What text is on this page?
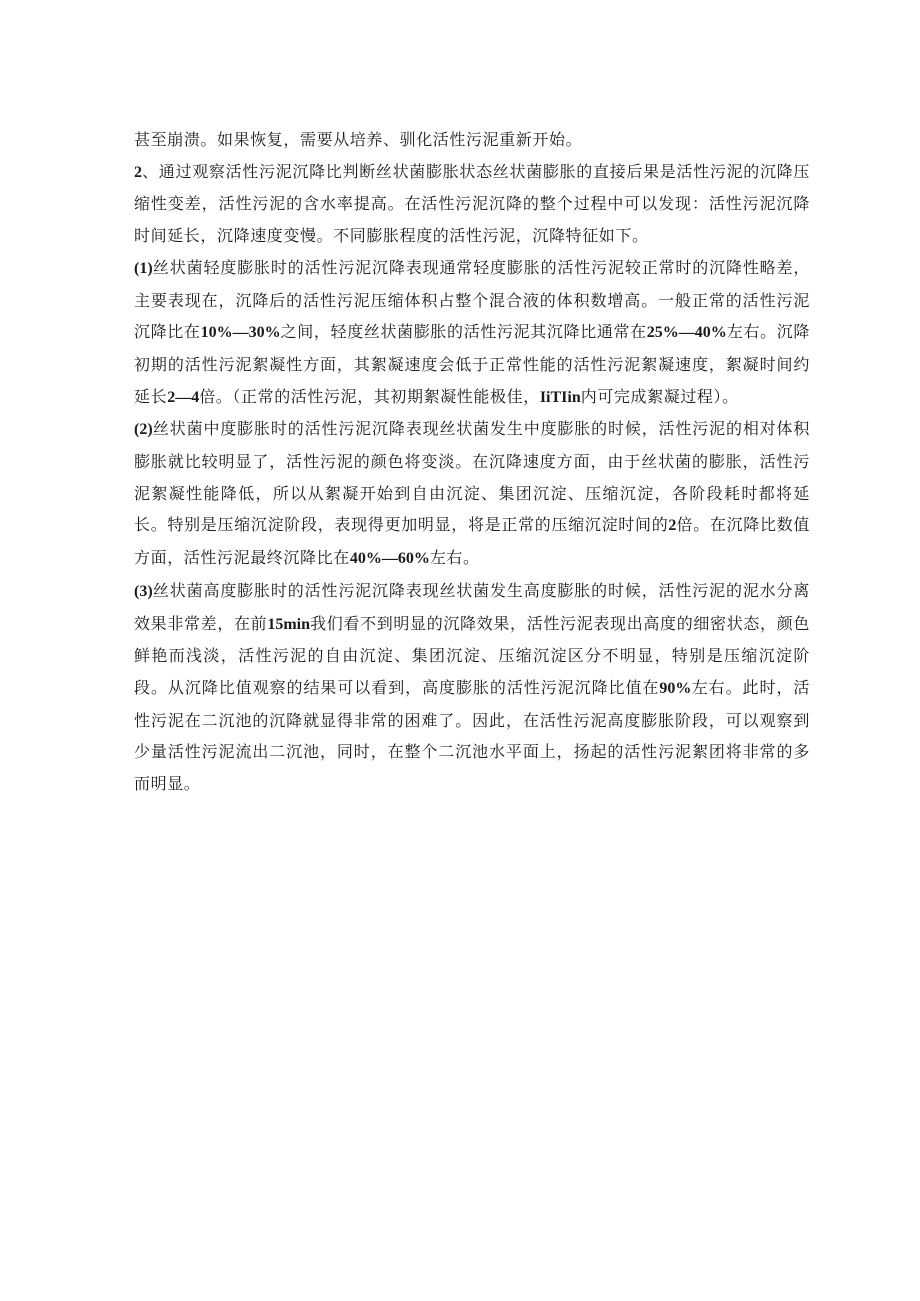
甚至崩溃。如果恢复，需要从培养、驯化活性污泥重新开始。

2、通过观察活性污泥沉降比判断丝状菌膨胀状态丝状菌膨胀的直接后果是活性污泥的沉降压缩性变差，活性污泥的含水率提高。在活性污泥沉降的整个过程中可以发现：活性污泥沉降时间延长，沉降速度变慢。不同膨胀程度的活性污泥，沉降特征如下。

(1)丝状菌轻度膨胀时的活性污泥沉降表现通常轻度膨胀的活性污泥较正常时的沉降性略差，主要表现在，沉降后的活性污泥压缩体积占整个混合液的体积数增高。一般正常的活性污泥沉降比在10%—30%之间，轻度丝状菌膨胀的活性污泥其沉降比通常在25%—40%左右。沉降初期的活性污泥絮凝性方面，其絮凝速度会低于正常性能的活性污泥絮凝速度，絮凝时间约延长2—4倍。（正常的活性污泥，其初期絮凝性能极佳，IiTIin内可完成絮凝过程）。

(2)丝状菌中度膨胀时的活性污泥沉降表现丝状菌发生中度膨胀的时候，活性污泥的相对体积膨胀就比较明显了，活性污泥的颜色将变淡。在沉降速度方面，由于丝状菌的膨胀，活性污泥絮凝性能降低，所以从絮凝开始到自由沉淀、集团沉淀、压缩沉淀，各阶段耗时都将延长。特别是压缩沉淀阶段，表现得更加明显，将是正常的压缩沉淀时间的2倍。在沉降比数值方面，活性污泥最终沉降比在40%—60%左右。

(3)丝状菌高度膨胀时的活性污泥沉降表现丝状菌发生高度膨胀的时候，活性污泥的泥水分离效果非常差，在前15min我们看不到明显的沉降效果，活性污泥表现出高度的细密状态，颜色鲜艳而浅淡，活性污泥的自由沉淀、集团沉淀、压缩沉淀区分不明显，特别是压缩沉淀阶段。从沉降比值观察的结果可以看到，高度膨胀的活性污泥沉降比值在90%左右。此时，活性污泥在二沉池的沉降就显得非常的困难了。因此，在活性污泥高度膨胀阶段，可以观察到少量活性污泥流出二沉池，同时，在整个二沉池水平面上，扬起的活性污泥絮团将非常的多而明显。
